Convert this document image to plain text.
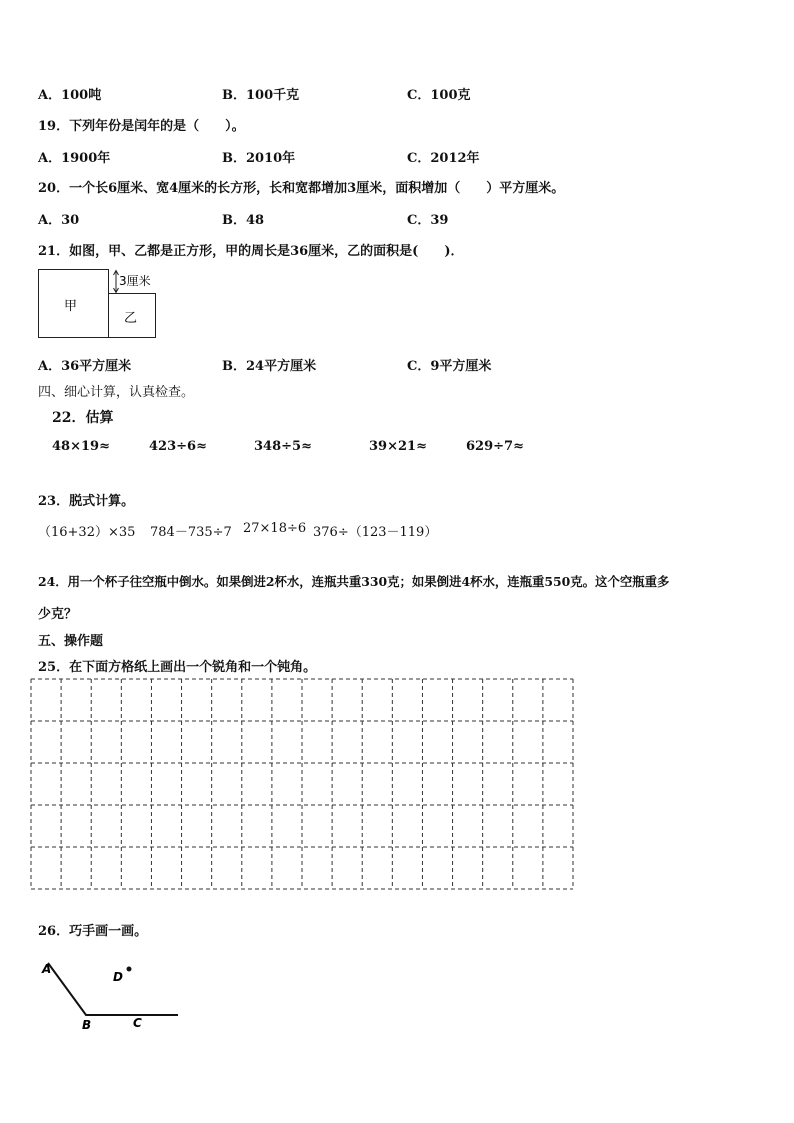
A．100吨	B．100千克	C．100克
19．下列年份是闰年的是（　　）。
A．1900年	B．2010年	C．2012年
20．一个长6厘米、宽4厘米的长方形，长和宽都增加3厘米，面积增加（　　）平方厘米。
A．30	B．48	C．39
21．如图，甲、乙都是正方形，甲的周长是36厘米，乙的面积是(　　)．
甲
乙
3厘米
A．36平方厘米	B．24平方厘米	C．9平方厘米
四、细心计算，认真检查。
22．估算
48×19≈	423÷6≈	348÷5≈	39×21≈	629÷7≈
23．脱式计算。
（16+32）×35 784－735÷7 27×18÷6 376÷（123－119）
24．用一个杯子往空瓶中倒水。如果倒进2杯水，连瓶共重330克；如果倒进4杯水，连瓶重550克。这个空瓶重多
少克？
五、操作题
25．在下面方格纸上画出一个锐角和一个钝角。
26．巧手画一画。
A
B	C
D
